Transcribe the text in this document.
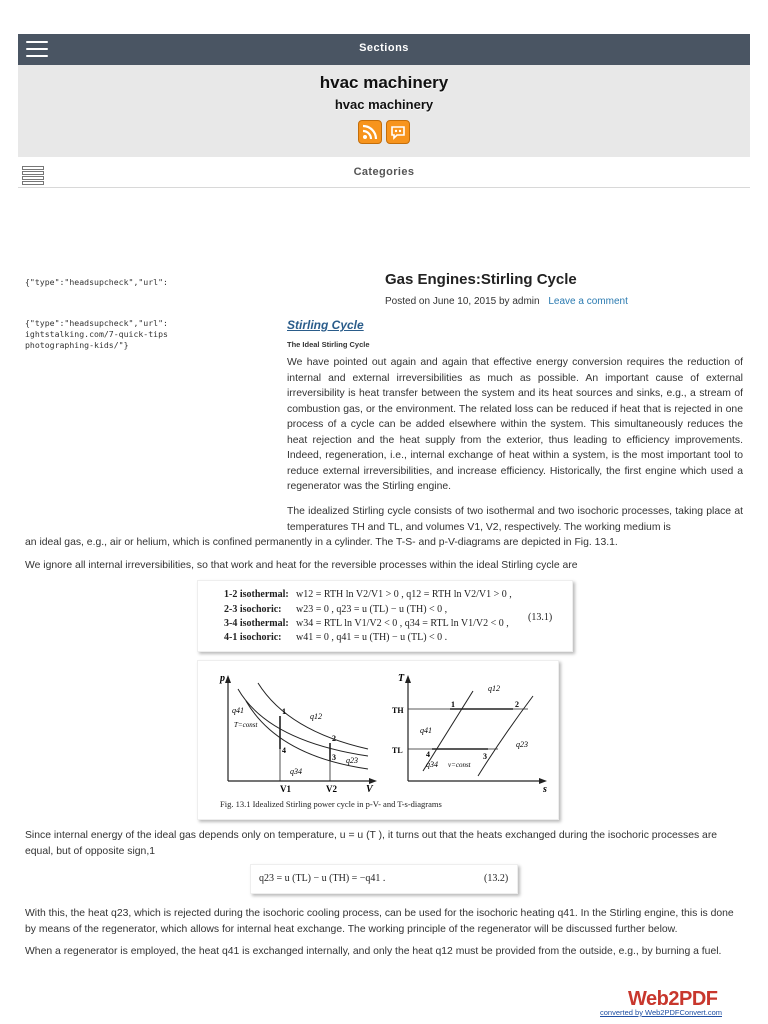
Sections
hvac machinery
hvac machinery
Categories
{"type":"headsupcheck","url":
{"type":"headsupcheck","url":
ightstalking.com/7-quick-tips
photographing-kids/"}
Gas Engines:Stirling Cycle
Posted on June 10, 2015 by admin Leave a comment
Stirling Cycle
The Ideal Stirling Cycle
We have pointed out again and again that effective energy conversion requires the reduction of internal and external irreversibilities as much as possible. An important cause of external irreversibility is heat transfer between the system and its heat sources and sinks, e.g., a stream of combustion gas, or the environment. The related loss can be reduced if heat that is rejected in one process of a cycle can be added elsewhere within the system. This simultaneously reduces the heat rejection and the heat supply from the exterior, thus leading to efficiency improvements. Indeed, regeneration, i.e., internal exchange of heat within a system, is the most important tool to reduce external irreversibilities, and increase efficiency. Historically, the first engine which used a regenerator was the Stirling engine.
The idealized Stirling cycle consists of two isothermal and two isochoric processes, taking place at temperatures TH and TL, and volumes V1, V2, respectively. The working medium is
an ideal gas, e.g., air or helium, which is confined permanently in a cylinder. The T-S- and p-V-diagrams are depicted in Fig. 13.1.
We ignore all internal irreversibilities, so that work and heat for the reversible processes within the ideal Stirling cycle are
1-2 isothermal: w12 = RTH ln V2/V1 > 0 , q12 = RTH ln V2/V1 > 0 ,
2-3 isochoric: w23 = 0 , q23 = u (TL) − u (TH) < 0 ,
3-4 isothermal: w34 = RTL ln V1/V2 < 0 , q34 = RTL ln V1/V2 < 0 ,
4-1 isochoric: w41 = 0 , q41 = u (TH) − u (TL) < 0 .
(13.1)
p
V
V1	V2
q41
q12
q23
q34
T=const
1
2
3
4
T
s
TH
TL
q12
q41
q23
q34 v=const
1	2
3
4
Fig. 13.1 Idealized Stirling power cycle in p-V- and T-s-diagrams
Since internal energy of the ideal gas depends only on temperature, u = u (T ), it turns out that the heats exchanged during the isochoric processes are equal, but of opposite sign,1
q23 = u (TL) − u (TH) = −q41 .	(13.2)
With this, the heat q23, which is rejected during the isochoric cooling process, can be used for the isochoric heating q41. In the Stirling engine, this is done by means of the regenerator, which allows for internal heat exchange. The working principle of the regenerator will be discussed further below.
When a regenerator is employed, the heat q41 is exchanged internally, and only the heat q12 must be provided from the outside, e.g., by burning a fuel.
Web2PDF
converted by Web2PDFConvert.com
